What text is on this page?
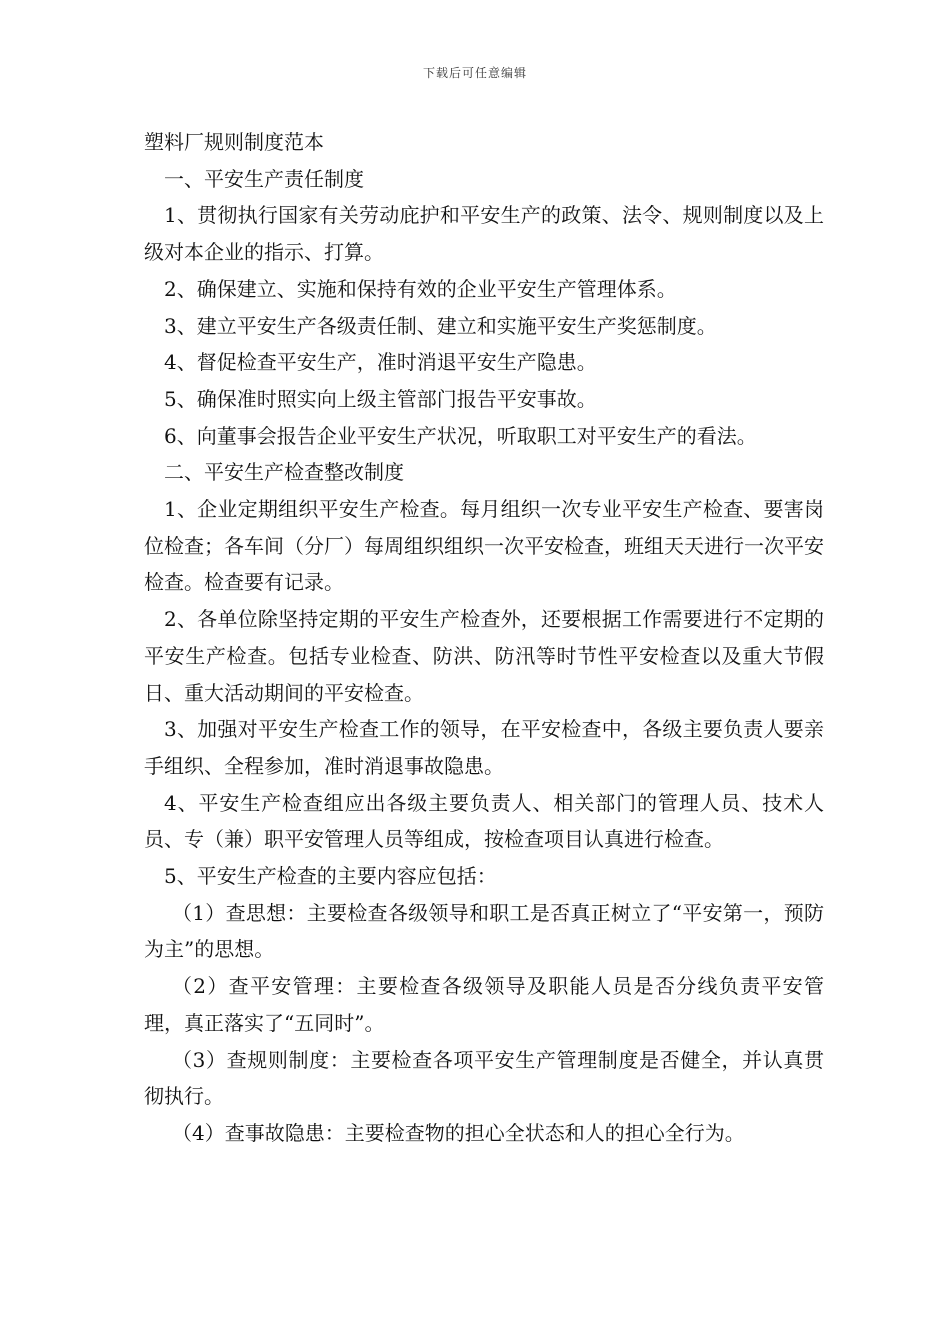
下载后可任意编辑

塑料厂规则制度范本

一、平安生产责任制度

1、贯彻执行国家有关劳动庇护和平安生产的政策、法令、规则制度以及上级对本企业的指示、打算。

2、确保建立、实施和保持有效的企业平安生产管理体系。

3、建立平安生产各级责任制、建立和实施平安生产奖惩制度。

4、督促检查平安生产，准时消退平安生产隐患。

5、确保准时照实向上级主管部门报告平安事故。

6、向董事会报告企业平安生产状况，听取职工对平安生产的看法。

二、平安生产检查整改制度

1、企业定期组织平安生产检查。每月组织一次专业平安生产检查、要害岗位检查；各车间（分厂）每周组织组织一次平安检查，班组天天进行一次平安检查。检查要有记录。

2、各单位除坚持定期的平安生产检查外，还要根据工作需要进行不定期的平安生产检查。包括专业检查、防洪、防汛等时节性平安检查以及重大节假日、重大活动期间的平安检查。

3、加强对平安生产检查工作的领导，在平安检查中，各级主要负责人要亲手组织、全程参加，准时消退事故隐患。

4、平安生产检查组应出各级主要负责人、相关部门的管理人员、技术人员、专（兼）职平安管理人员等组成，按检查项目认真进行检查。

5、平安生产检查的主要内容应包括：

（1）查思想：主要检查各级领导和职工是否真正树立了“平安第一，预防为主”的思想。

（2）查平安管理：主要检查各级领导及职能人员是否分线负责平安管理，真正落实了“五同时”。

（3）查规则制度：主要检查各项平安生产管理制度是否健全，并认真贯彻执行。

（4）查事故隐患：主要检查物的担心全状态和人的担心全行为。
